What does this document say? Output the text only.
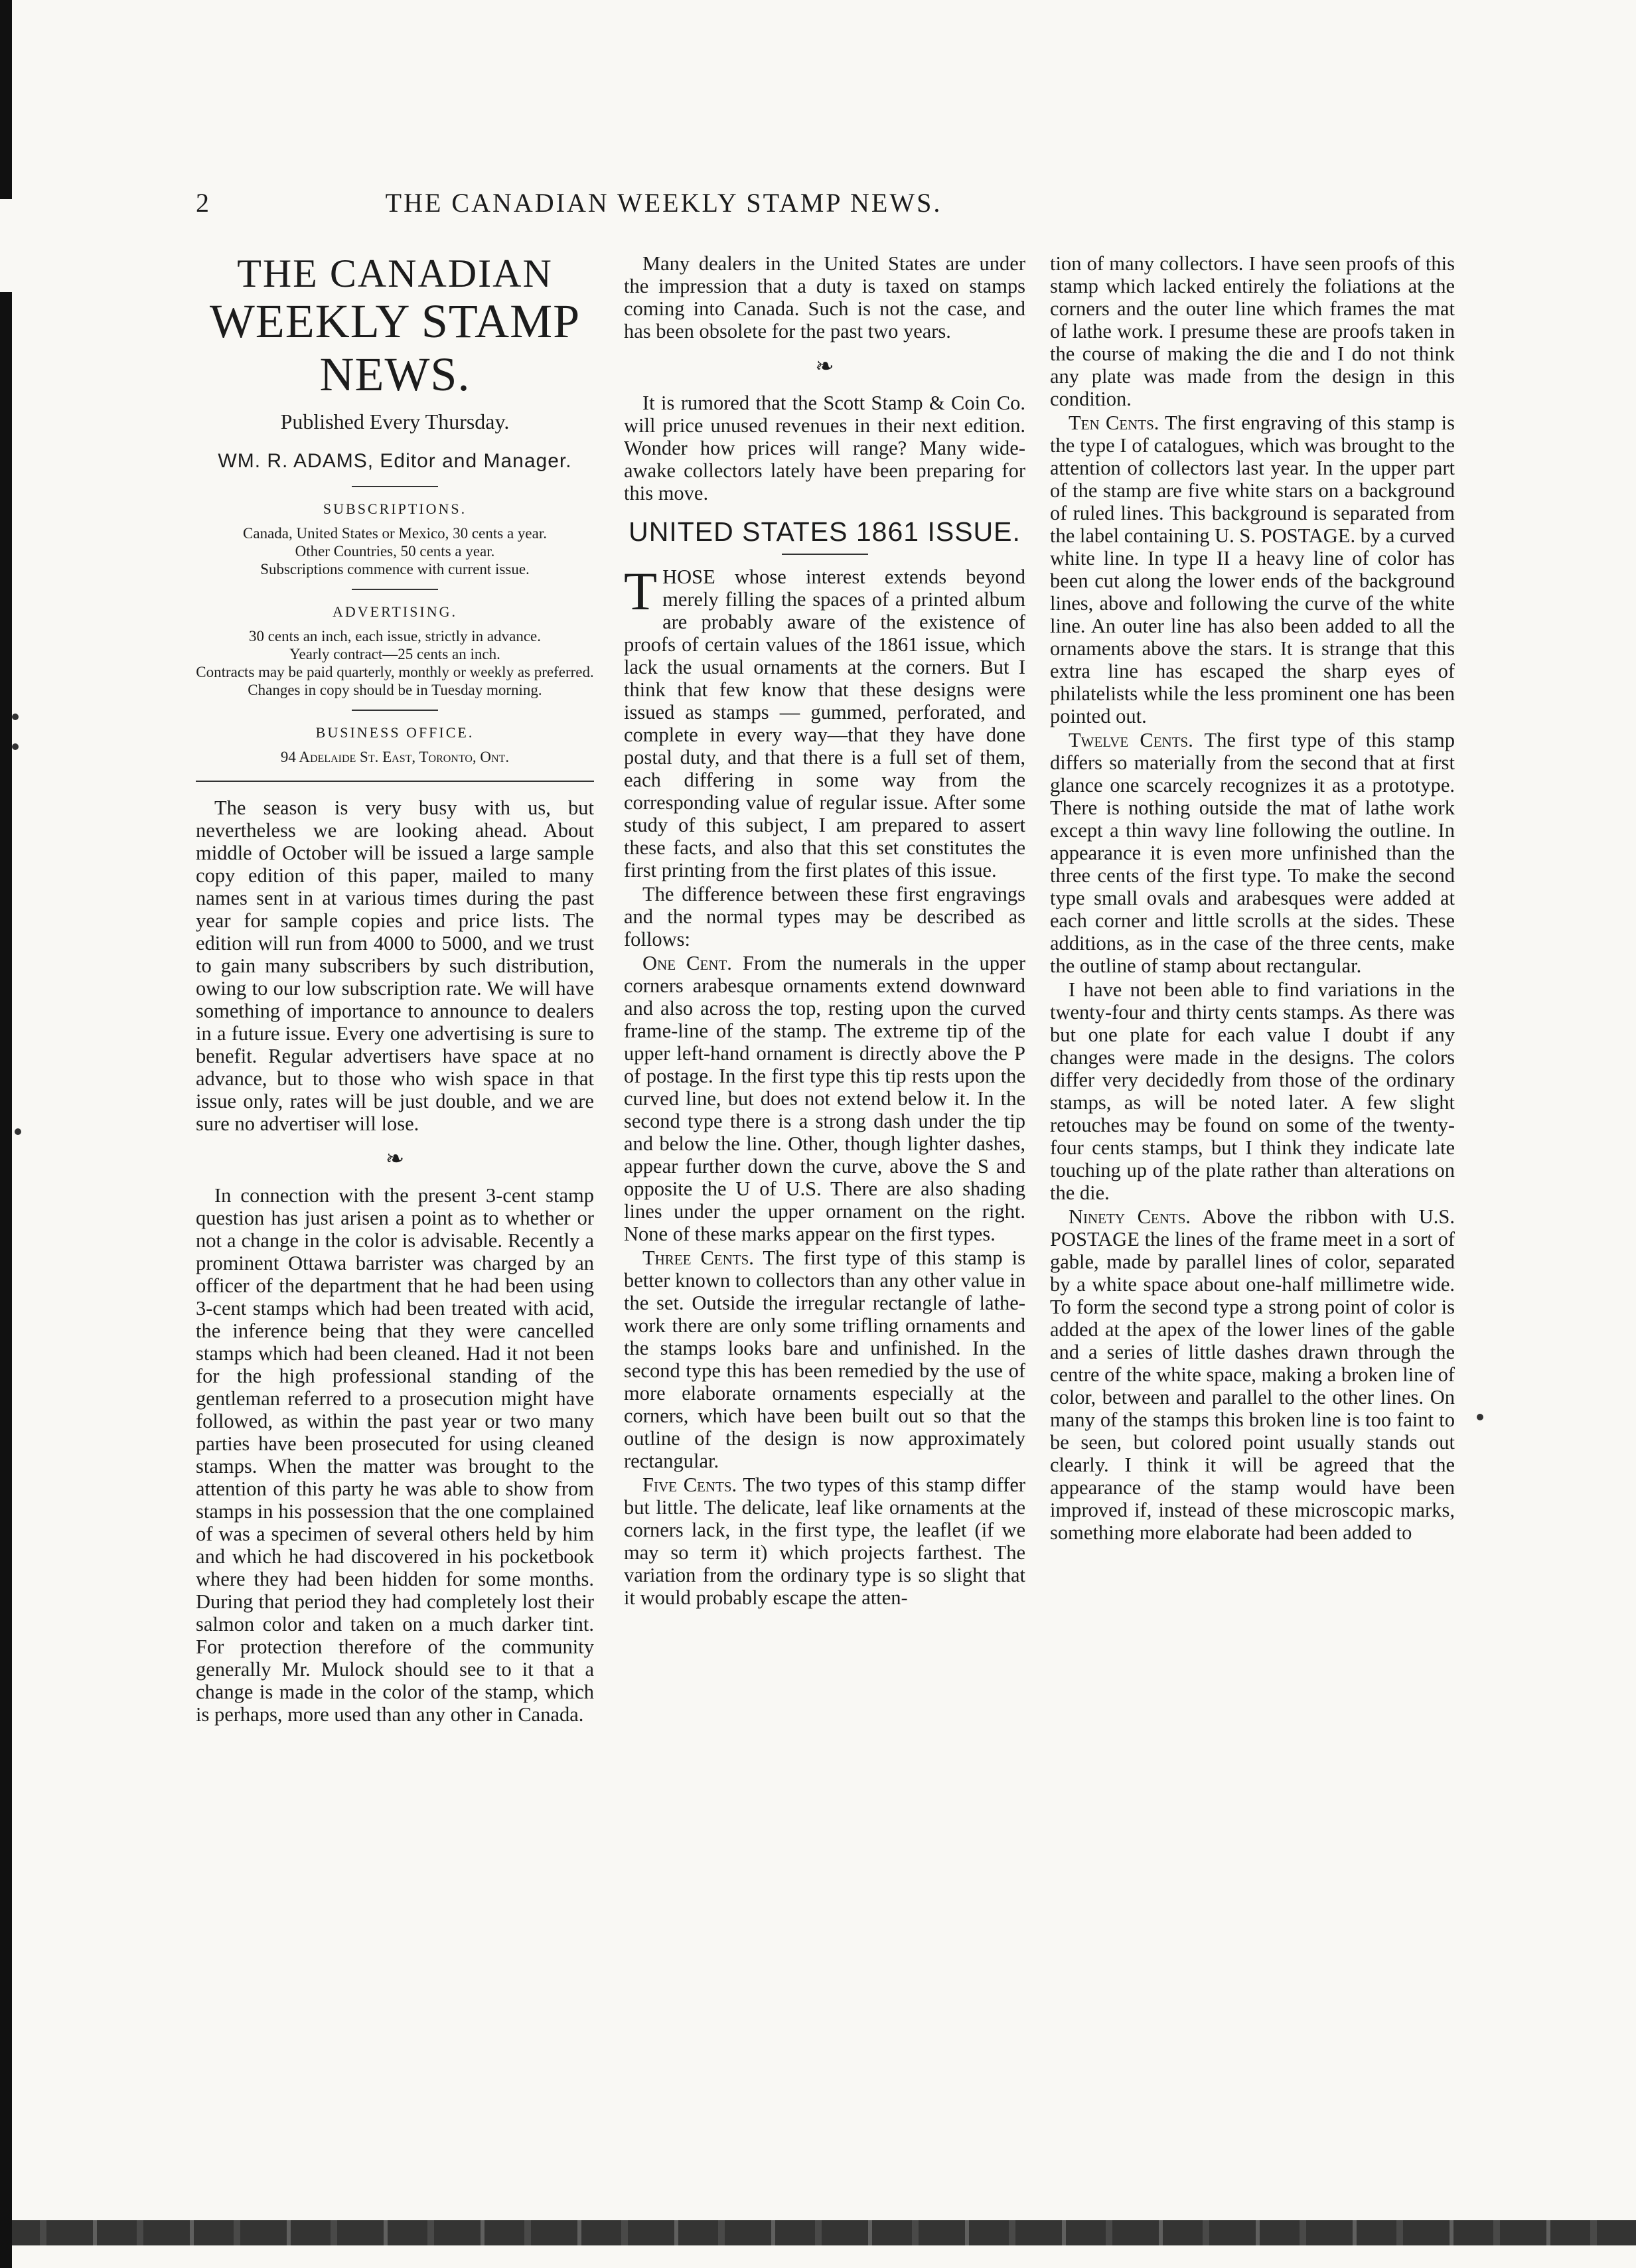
2	THE CANADIAN WEEKLY STAMP NEWS.
THE CANADIAN
WEEKLY STAMP NEWS.
Published Every Thursday.
WM. R. ADAMS, Editor and Manager.
SUBSCRIPTIONS.
Canada, United States or Mexico, 30 cents a year.
Other Countries, 50 cents a year.
Subscriptions commence with current issue.
ADVERTISING.
30 cents an inch, each issue, strictly in advance.
Yearly contract—25 cents an inch.
Contracts may be paid quarterly, monthly or weekly as preferred.
Changes in copy should be in Tuesday morning.
BUSINESS OFFICE.
94 Adelaide St. East, Toronto, Ont.

The season is very busy with us, but nevertheless we are looking ahead. About middle of October will be issued a large sample copy edition of this paper, mailed to many names sent in at various times during the past year for sample copies and price lists. The edition will run from 4000 to 5000, and we trust to gain many subscribers by such distribution, owing to our low subscription rate. We will have something of importance to announce to dealers in a future issue. Every one advertising is sure to benefit. Regular advertisers have space at no advance, but to those who wish space in that issue only, rates will be just double, and we are sure no advertiser will lose.

❧

In connection with the present 3-cent stamp question has just arisen a point as to whether or not a change in the color is advisable. Recently a prominent Ottawa barrister was charged by an officer of the department that he had been using 3-cent stamps which had been treated with acid, the inference being that they were cancelled stamps which had been cleaned. Had it not been for the high professional standing of the gentleman referred to a prosecution might have followed, as within the past year or two many parties have been prosecuted for using cleaned stamps. When the matter was brought to the attention of this party he was able to show from stamps in his possession that the one complained of was a specimen of several others held by him and which he had discovered in his pocketbook where they had been hidden for some months. During that period they had completely lost their salmon color and taken on a much darker tint. For protection therefore of the community generally Mr. Mulock should see to it that a change is made in the color of the stamp, which is perhaps, more used than any other in Canada.

Many dealers in the United States are under the impression that a duty is taxed on stamps coming into Canada. Such is not the case, and has been obsolete for the past two years.

❧

It is rumored that the Scott Stamp & Coin Co. will price unused revenues in their next edition. Wonder how prices will range? Many wide-awake collectors lately have been preparing for this move.

UNITED STATES 1861 ISSUE.

THOSE whose interest extends beyond merely filling the spaces of a printed album are probably aware of the existence of proofs of certain values of the 1861 issue, which lack the usual ornaments at the corners. But I think that few know that these designs were issued as stamps — gummed, perforated, and complete in every way—that they have done postal duty, and that there is a full set of them, each differing in some way from the corresponding value of regular issue. After some study of this subject, I am prepared to assert these facts, and also that this set constitutes the first printing from the first plates of this issue.

The difference between these first engravings and the normal types may be described as follows:

One Cent. From the numerals in the upper corners arabesque ornaments extend downward and also across the top, resting upon the curved frame-line of the stamp. The extreme tip of the upper left-hand ornament is directly above the P of postage. In the first type this tip rests upon the curved line, but does not extend below it. In the second type there is a strong dash under the tip and below the line. Other, though lighter dashes, appear further down the curve, above the S and opposite the U of U.S. There are also shading lines under the upper ornament on the right. None of these marks appear on the first types.

Three Cents. The first type of this stamp is better known to collectors than any other value in the set. Outside the irregular rectangle of lathe-work there are only some trifling ornaments and the stamps looks bare and unfinished. In the second type this has been remedied by the use of more elaborate ornaments especially at the corners, which have been built out so that the outline of the design is now approximately rectangular.

Five Cents. The two types of this stamp differ but little. The delicate, leaf like ornaments at the corners lack, in the first type, the leaflet (if we may so term it) which projects farthest. The variation from the ordinary type is so slight that it would probably escape the atten-

tion of many collectors. I have seen proofs of this stamp which lacked entirely the foliations at the corners and the outer line which frames the mat of lathe work. I presume these are proofs taken in the course of making the die and I do not think any plate was made from the design in this condition.

Ten Cents. The first engraving of this stamp is the type I of catalogues, which was brought to the attention of collectors last year. In the upper part of the stamp are five white stars on a background of ruled lines. This background is separated from the label containing U. S. POSTAGE. by a curved white line. In type II a heavy line of color has been cut along the lower ends of the background lines, above and following the curve of the white line. An outer line has also been added to all the ornaments above the stars. It is strange that this extra line has escaped the sharp eyes of philatelists while the less prominent one has been pointed out.

Twelve Cents. The first type of this stamp differs so materially from the second that at first glance one scarcely recognizes it as a prototype. There is nothing outside the mat of lathe work except a thin wavy line following the outline. In appearance it is even more unfinished than the three cents of the first type. To make the second type small ovals and arabesques were added at each corner and little scrolls at the sides. These additions, as in the case of the three cents, make the outline of stamp about rectangular.

I have not been able to find variations in the twenty-four and thirty cents stamps. As there was but one plate for each value I doubt if any changes were made in the designs. The colors differ very decidedly from those of the ordinary stamps, as will be noted later. A few slight retouches may be found on some of the twenty-four cents stamps, but I think they indicate late touching up of the plate rather than alterations on the die.

Ninety Cents. Above the ribbon with U.S. POSTAGE the lines of the frame meet in a sort of gable, made by parallel lines of color, separated by a white space about one-half millimetre wide. To form the second type a strong point of color is added at the apex of the lower lines of the gable and a series of little dashes drawn through the centre of the white space, making a broken line of color, between and parallel to the other lines. On many of the stamps this broken line is too faint to be seen, but colored point usually stands out clearly. I think it will be agreed that the appearance of the stamp would have been improved if, instead of these microscopic marks, something more elaborate had been added to
